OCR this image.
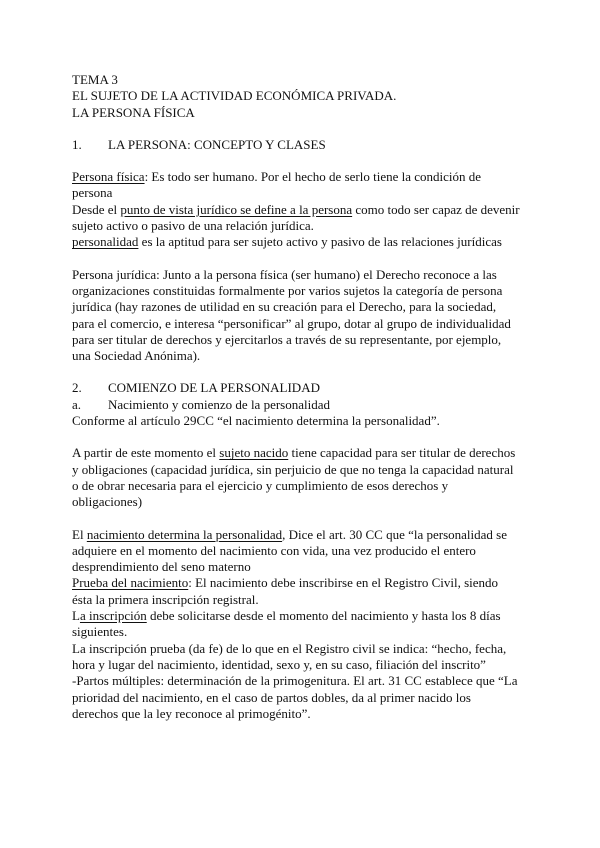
TEMA 3

EL SUJETO DE LA ACTIVIDAD ECONÓMICA PRIVADA.

LA PERSONA FÍSICA

1. LA PERSONA: CONCEPTO Y CLASES

Persona física: Es todo ser humano. Por el hecho de serlo tiene la condición de persona

Desde el punto de vista jurídico se define a la persona como todo ser capaz de devenir sujeto activo o pasivo de una relación jurídica.

personalidad es la aptitud para ser sujeto activo y pasivo de las relaciones jurídicas

Persona jurídica: Junto a la persona física (ser humano) el Derecho reconoce a las organizaciones constituidas formalmente por varios sujetos la categoría de persona jurídica (hay razones de utilidad en su creación para el Derecho, para la sociedad, para el comercio, e interesa “personificar” al grupo, dotar al grupo de individualidad para ser titular de derechos y ejercitarlos a través de su representante, por ejemplo, una Sociedad Anónima).

2. COMIENZO DE LA PERSONALIDAD

a. Nacimiento y comienzo de la personalidad

Conforme al artículo 29CC “el nacimiento determina la personalidad”.

A partir de este momento el sujeto nacido tiene capacidad para ser titular de derechos y obligaciones (capacidad jurídica, sin perjuicio de que no tenga la capacidad natural o de obrar necesaria para el ejercicio y cumplimiento de esos derechos y obligaciones)

El nacimiento determina la personalidad, Dice el art. 30 CC que “la personalidad se adquiere en el momento del nacimiento con vida, una vez producido el entero desprendimiento del seno materno

Prueba del nacimiento: El nacimiento debe inscribirse en el Registro Civil, siendo ésta la primera inscripción registral.

La inscripción debe solicitarse desde el momento del nacimiento y hasta los 8 días siguientes.

La inscripción prueba (da fe) de lo que en el Registro civil se indica: “hecho, fecha, hora y lugar del nacimiento, identidad, sexo y, en su caso, filiación del inscrito”

-Partos múltiples: determinación de la primogenitura. El art. 31 CC establece que “La prioridad del nacimiento, en el caso de partos dobles, da al primer nacido los derechos que la ley reconoce al primogénito”.
